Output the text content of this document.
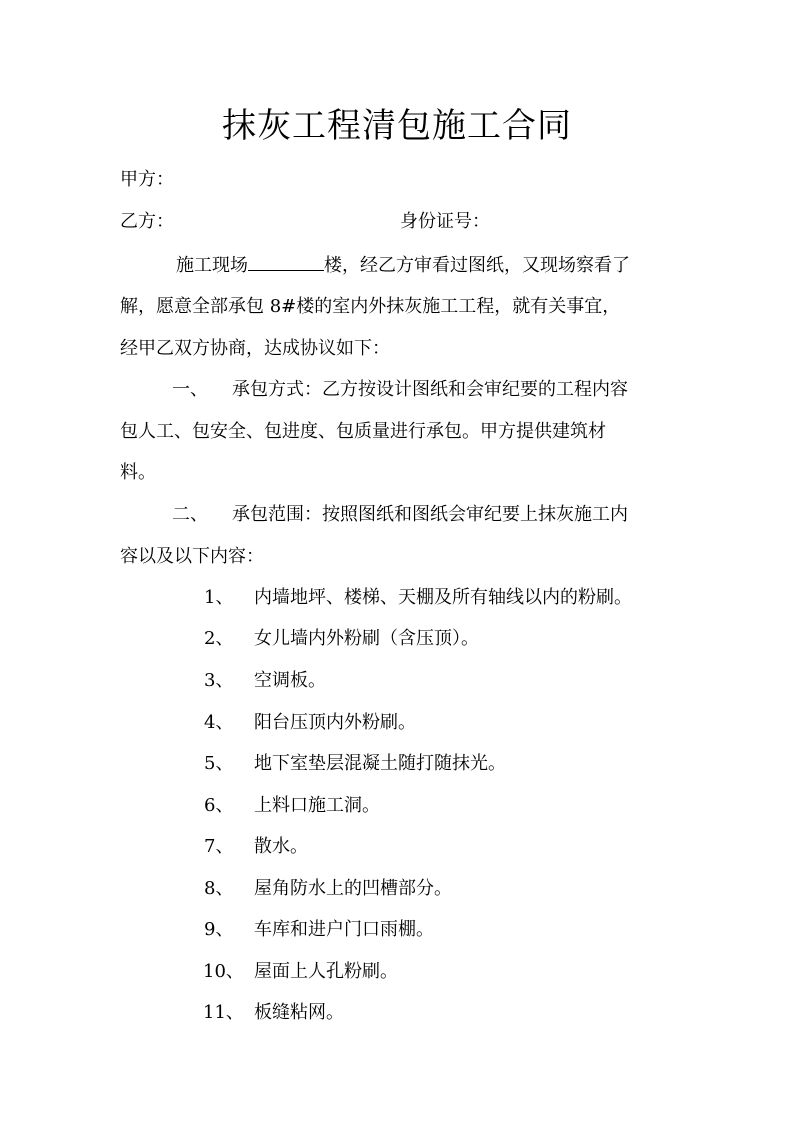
抹灰工程清包施工合同
甲方：
乙方：	身份证号：
施工现场	楼，经乙方审看过图纸，又现场察看了
解，愿意全部承包 8#楼的室内外抹灰施工工程，就有关事宜，
经甲乙双方协商，达成协议如下：
一、 承包方式：乙方按设计图纸和会审纪要的工程内容
包人工、包安全、包进度、包质量进行承包。甲方提供建筑材
料。
二、 承包范围：按照图纸和图纸会审纪要上抹灰施工内
容以及以下内容：
1、 内墙地坪、楼梯、天棚及所有轴线以内的粉刷。
2、 女儿墙内外粉刷（含压顶）。
3、 空调板。
4、 阳台压顶内外粉刷。
5、 地下室垫层混凝土随打随抹光。
6、 上料口施工洞。
7、 散水。
8、 屋角防水上的凹槽部分。
9、 车库和进户门口雨棚。
10、 屋面上人孔粉刷。
11、 板缝粘网。
